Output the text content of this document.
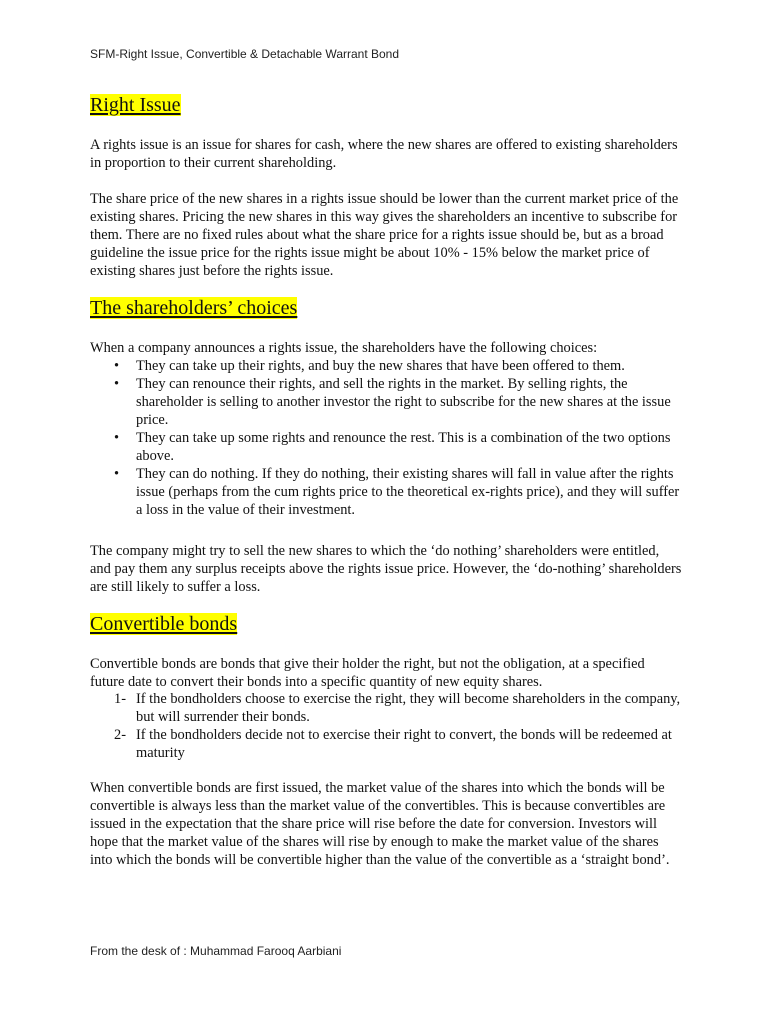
SFM-Right Issue, Convertible & Detachable Warrant Bond
Right Issue

A rights issue is an issue for shares for cash, where the new shares are offered to existing shareholders in proportion to their current shareholding.

The share price of the new shares in a rights issue should be lower than the current market price of the existing shares. Pricing the new shares in this way gives the shareholders an incentive to subscribe for them. There are no fixed rules about what the share price for a rights issue should be, but as a broad guideline the issue price for the rights issue might be about 10% - 15% below the market price of existing shares just before the rights issue.

The shareholders’ choices

When a company announces a rights issue, the shareholders have the following choices:

• They can take up their rights, and buy the new shares that have been offered to them.
• They can renounce their rights, and sell the rights in the market. By selling rights, the shareholder is selling to another investor the right to subscribe for the new shares at the issue price.
• They can take up some rights and renounce the rest. This is a combination of the two options above.
• They can do nothing. If they do nothing, their existing shares will fall in value after the rights issue (perhaps from the cum rights price to the theoretical ex-rights price), and they will suffer a loss in the value of their investment.

The company might try to sell the new shares to which the ‘do nothing’ shareholders were entitled, and pay them any surplus receipts above the rights issue price. However, the ‘do-nothing’ shareholders are still likely to suffer a loss.

Convertible bonds

Convertible bonds are bonds that give their holder the right, but not the obligation, at a specified future date to convert their bonds into a specific quantity of new equity shares.

1- If the bondholders choose to exercise the right, they will become shareholders in the company, but will surrender their bonds.
2- If the bondholders decide not to exercise their right to convert, the bonds will be redeemed at maturity

When convertible bonds are first issued, the market value of the shares into which the bonds will be convertible is always less than the market value of the convertibles. This is because convertibles are issued in the expectation that the share price will rise before the date for conversion. Investors will hope that the market value of the shares will rise by enough to make the market value of the shares into which the bonds will be convertible higher than the value of the convertible as a ‘straight bond’.

From the desk of : Muhammad Farooq Aarbiani
